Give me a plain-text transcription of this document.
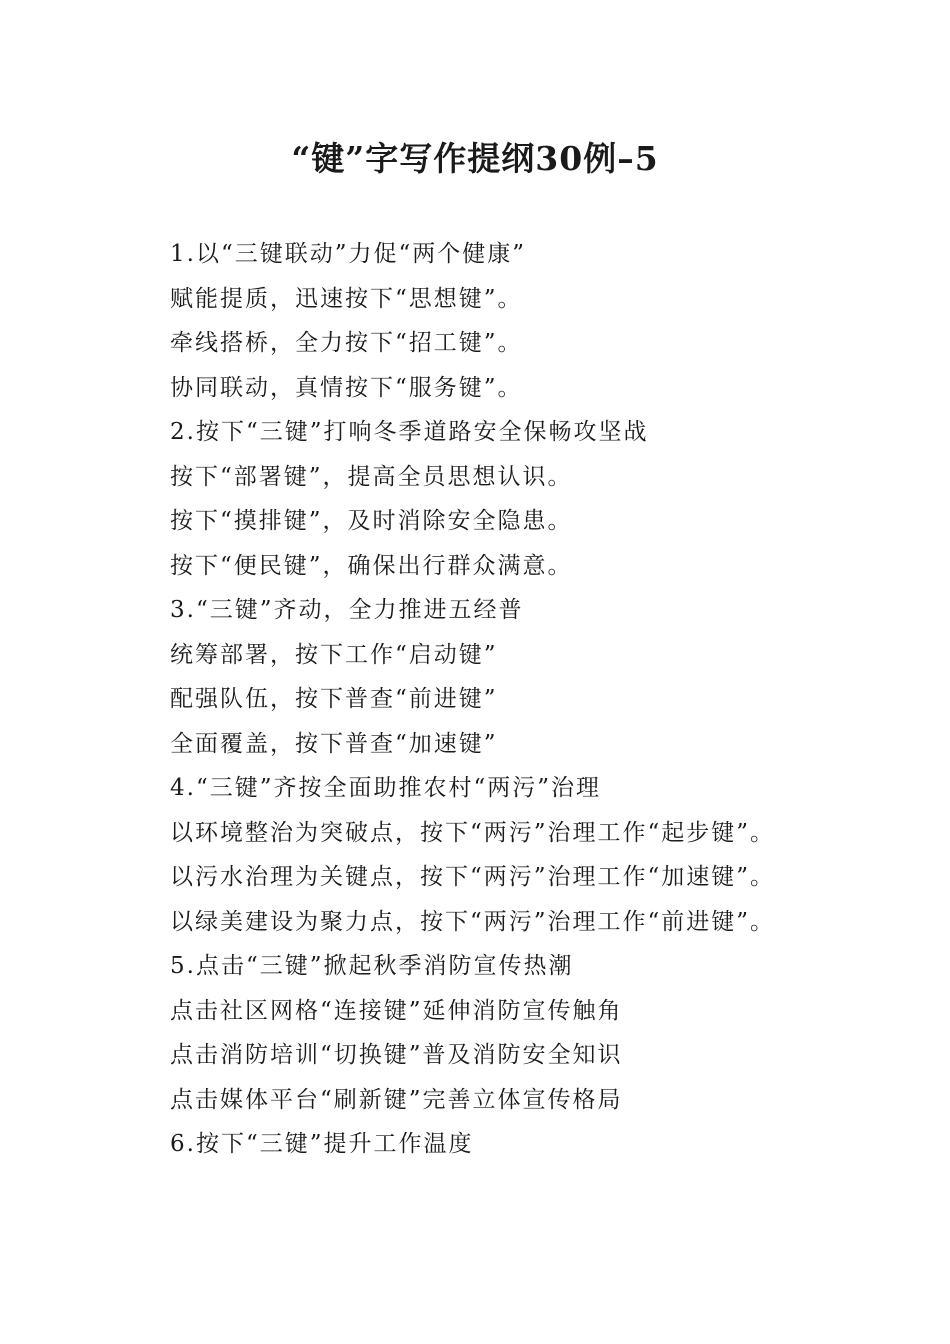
“键”字写作提纲30例–5
1.以“三键联动”力促“两个健康”
赋能提质，迅速按下“思想键”。
牵线搭桥，全力按下“招工键”。
协同联动，真情按下“服务键”。
2.按下“三键”打响冬季道路安全保畅攻坚战
按下“部署键”，提高全员思想认识。
按下“摸排键”，及时消除安全隐患。
按下“便民键”，确保出行群众满意。
3.“三键”齐动，全力推进五经普
统筹部署，按下工作“启动键”
配强队伍，按下普查“前进键”
全面覆盖，按下普查“加速键”
4.“三键”齐按全面助推农村“两污”治理
以环境整治为突破点，按下“两污”治理工作“起步键”。
以污水治理为关键点，按下“两污”治理工作“加速键”。
以绿美建设为聚力点，按下“两污”治理工作“前进键”。
5.点击“三键”掀起秋季消防宣传热潮
点击社区网格“连接键”延伸消防宣传触角
点击消防培训“切换键”普及消防安全知识
点击媒体平台“刷新键”完善立体宣传格局
6.按下“三键”提升工作温度
